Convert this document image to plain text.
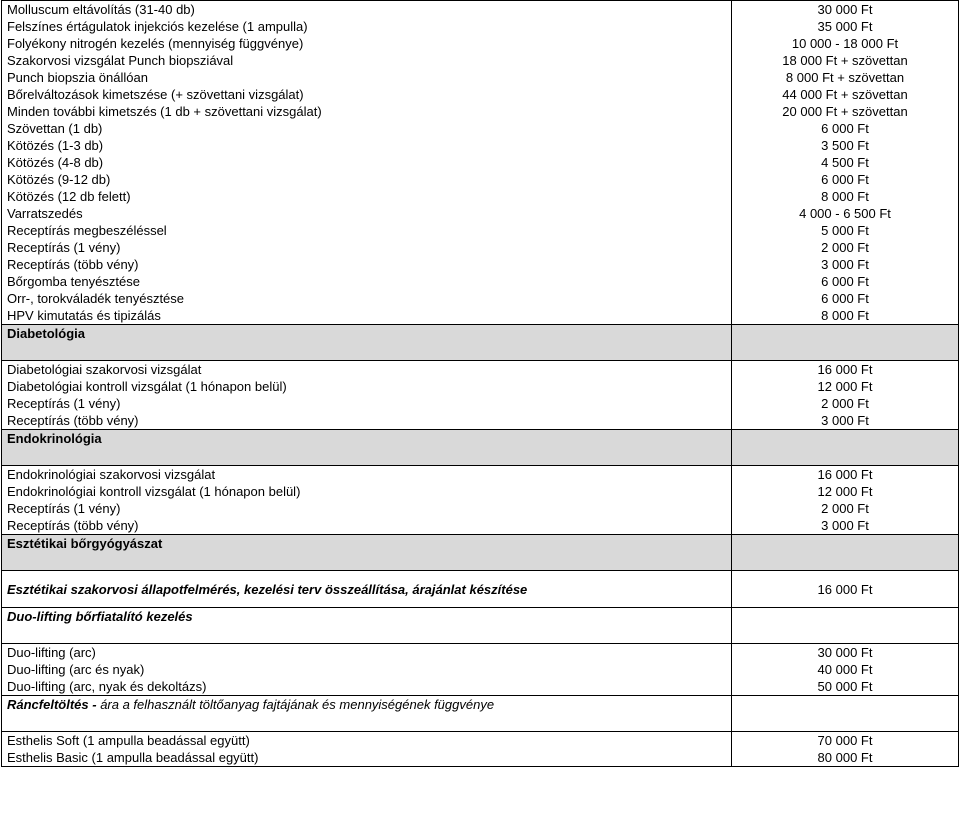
Molluscum eltávolítás (31-40 db)	30 000 Ft
Felszínes értágulatok injekciós kezelése (1 ampulla)	35 000 Ft
Folyékony nitrogén kezelés (mennyiség függvénye)	10 000 - 18 000 Ft
Szakorvosi vizsgálat Punch biopsziával	18 000 Ft + szövettan
Punch biopszia önállóan	8 000 Ft + szövettan
Bőrelváltozások kimetszése (+ szövettani vizsgálat)	44 000 Ft + szövettan
Minden további kimetszés (1 db + szövettani vizsgálat)	20 000 Ft + szövettan
Szövettan (1 db)	6 000 Ft
Kötözés (1-3 db)	3 500 Ft
Kötözés (4-8 db)	4 500 Ft
Kötözés (9-12 db)	6 000 Ft
Kötözés (12 db felett)	8 000 Ft
Varratszedés	4 000 - 6 500 Ft
Receptírás megbeszéléssel	5 000 Ft
Receptírás (1 vény)	2 000 Ft
Receptírás (több vény)	3 000 Ft
Bőrgomba tenyésztése	6 000 Ft
Orr-, torokváladék tenyésztése	6 000 Ft
HPV kimutatás és tipizálás	8 000 Ft
Diabetológia	
Diabetológiai szakorvosi vizsgálat	16 000 Ft
Diabetológiai kontroll vizsgálat (1 hónapon belül)	12 000 Ft
Receptírás (1 vény)	2 000 Ft
Receptírás (több vény)	3 000 Ft
Endokrinológia	
Endokrinológiai szakorvosi vizsgálat	16 000 Ft
Endokrinológiai kontroll vizsgálat (1 hónapon belül)	12 000 Ft
Receptírás (1 vény)	2 000 Ft
Receptírás (több vény)	3 000 Ft
Esztétikai bőrgyógyászat	
Esztétikai szakorvosi állapotfelmérés, kezelési terv összeállítása, árajánlat készítése	16 000 Ft
Duo-lifting bőrfiatalító kezelés	
Duo-lifting (arc)	30 000 Ft
Duo-lifting (arc és nyak)	40 000 Ft
Duo-lifting (arc, nyak és dekoltázs)	50 000 Ft
Ráncfeltöltés - ára a felhasznált töltőanyag fajtájának és mennyiségének függvénye	
Esthelis Soft (1 ampulla beadással együtt)	70 000 Ft
Esthelis Basic (1 ampulla beadással együtt)	80 000 Ft
